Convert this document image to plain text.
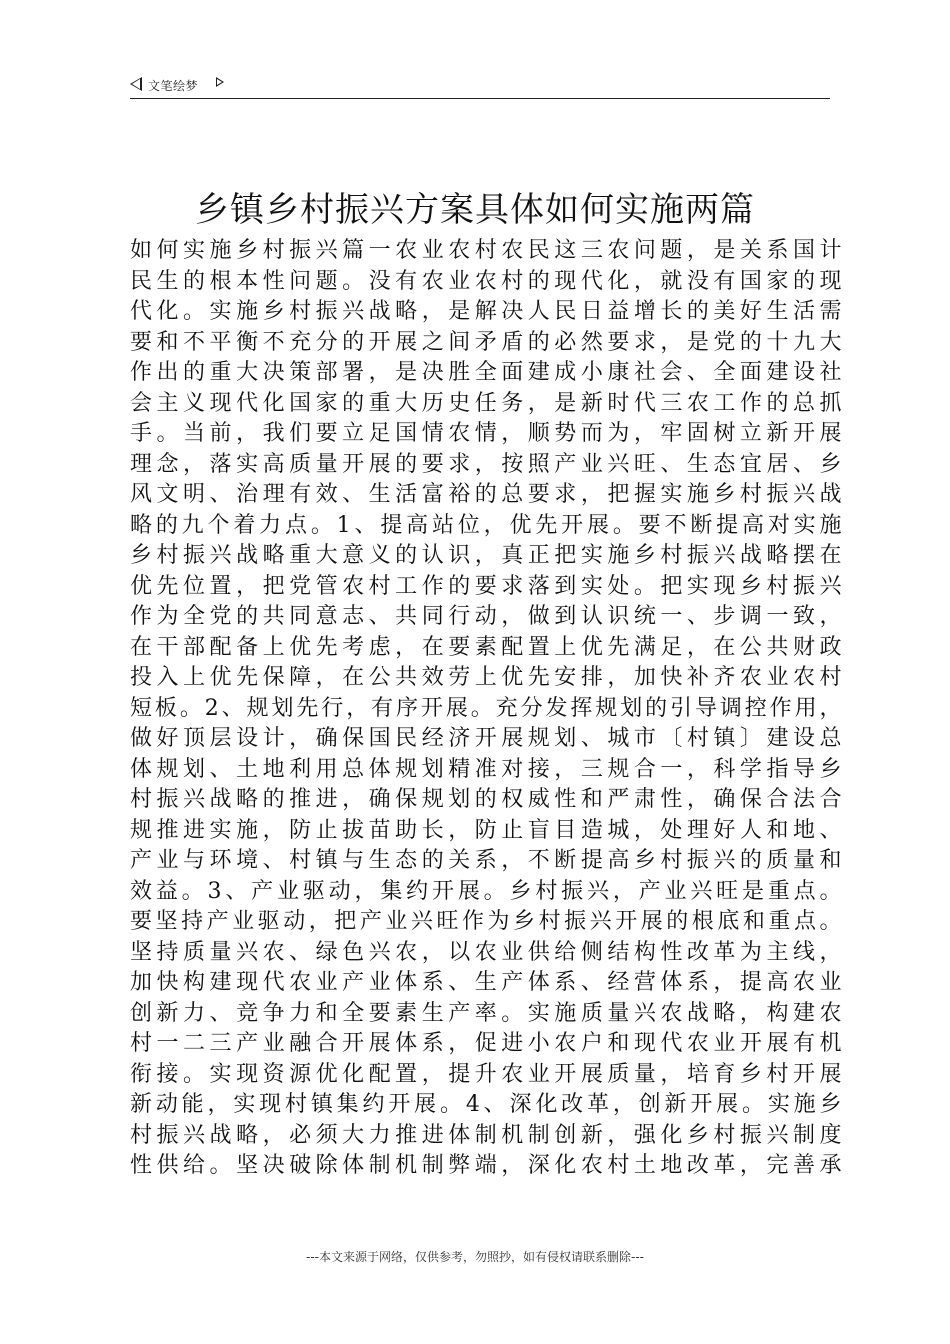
文笔绘梦
乡镇乡村振兴方案具体如何实施两篇
如何实施乡村振兴篇一农业农村农民这三农问题，是关系国计
民生的根本性问题。没有农业农村的现代化，就没有国家的现
代化。实施乡村振兴战略，是解决人民日益增长的美好生活需
要和不平衡不充分的开展之间矛盾的必然要求，是党的十九大
作出的重大决策部署，是决胜全面建成小康社会、全面建设社
会主义现代化国家的重大历史任务，是新时代三农工作的总抓
手。当前，我们要立足国情农情，顺势而为，牢固树立新开展
理念，落实高质量开展的要求，按照产业兴旺、生态宜居、乡
风文明、治理有效、生活富裕的总要求，把握实施乡村振兴战
略的九个着力点。1、提高站位，优先开展。要不断提高对实施
乡村振兴战略重大意义的认识，真正把实施乡村振兴战略摆在
优先位置，把党管农村工作的要求落到实处。把实现乡村振兴
作为全党的共同意志、共同行动，做到认识统一、步调一致，
在干部配备上优先考虑，在要素配置上优先满足，在公共财政
投入上优先保障，在公共效劳上优先安排，加快补齐农业农村
短板。2、规划先行，有序开展。充分发挥规划的引导调控作用，
做好顶层设计，确保国民经济开展规划、城市〔村镇〕建设总
体规划、土地利用总体规划精准对接，三规合一，科学指导乡
村振兴战略的推进，确保规划的权威性和严肃性，确保合法合
规推进实施，防止拔苗助长，防止盲目造城，处理好人和地、
产业与环境、村镇与生态的关系，不断提高乡村振兴的质量和
效益。3、产业驱动，集约开展。乡村振兴，产业兴旺是重点。
要坚持产业驱动，把产业兴旺作为乡村振兴开展的根底和重点。
坚持质量兴农、绿色兴农，以农业供给侧结构性改革为主线，
加快构建现代农业产业体系、生产体系、经营体系，提高农业
创新力、竞争力和全要素生产率。实施质量兴农战略，构建农
村一二三产业融合开展体系，促进小农户和现代农业开展有机
衔接。实现资源优化配置，提升农业开展质量，培育乡村开展
新动能，实现村镇集约开展。4、深化改革，创新开展。实施乡
村振兴战略，必须大力推进体制机制创新，强化乡村振兴制度
性供给。坚决破除体制机制弊端，深化农村土地改革，完善承
---本文来源于网络，仅供参考，勿照抄，如有侵权请联系删除---
